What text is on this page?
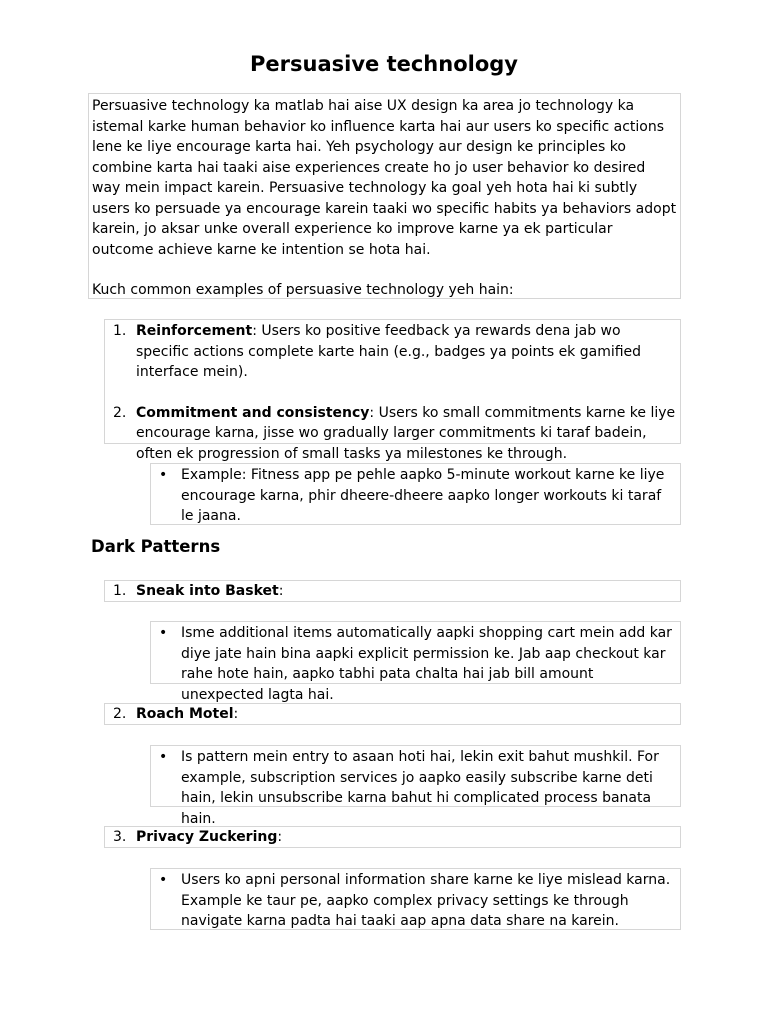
Persuasive technology

Persuasive technology ka matlab hai aise UX design ka area jo technology ka istemal karke human behavior ko influence karta hai aur users ko specific actions lene ke liye encourage karta hai. Yeh psychology aur design ke principles ko combine karta hai taaki aise experiences create ho jo user behavior ko desired way mein impact karein. Persuasive technology ka goal yeh hota hai ki subtly users ko persuade ya encourage karein taaki wo specific habits ya behaviors adopt karein, jo aksar unke overall experience ko improve karne ya ek particular outcome achieve karne ke intention se hota hai.

Kuch common examples of persuasive technology yeh hain:

1. Reinforcement: Users ko positive feedback ya rewards dena jab wo specific actions complete karte hain (e.g., badges ya points ek gamified interface mein).
2. Commitment and consistency: Users ko small commitments karne ke liye encourage karna, jisse wo gradually larger commitments ki taraf badein, often ek progression of small tasks ya milestones ke through.
• Example: Fitness app pe pehle aapko 5-minute workout karne ke liye encourage karna, phir dheere-dheere aapko longer workouts ki taraf le jaana.
Dark Patterns
1. Sneak into Basket:
• Isme additional items automatically aapki shopping cart mein add kar diye jate hain bina aapki explicit permission ke. Jab aap checkout kar rahe hote hain, aapko tabhi pata chalta hai jab bill amount unexpected lagta hai.
2. Roach Motel:
• Is pattern mein entry to asaan hoti hai, lekin exit bahut mushkil. For example, subscription services jo aapko easily subscribe karne deti hain, lekin unsubscribe karna bahut hi complicated process banata hain.
3. Privacy Zuckering:
• Users ko apni personal information share karne ke liye mislead karna. Example ke taur pe, aapko complex privacy settings ke through navigate karna padta hai taaki aap apna data share na karein.
